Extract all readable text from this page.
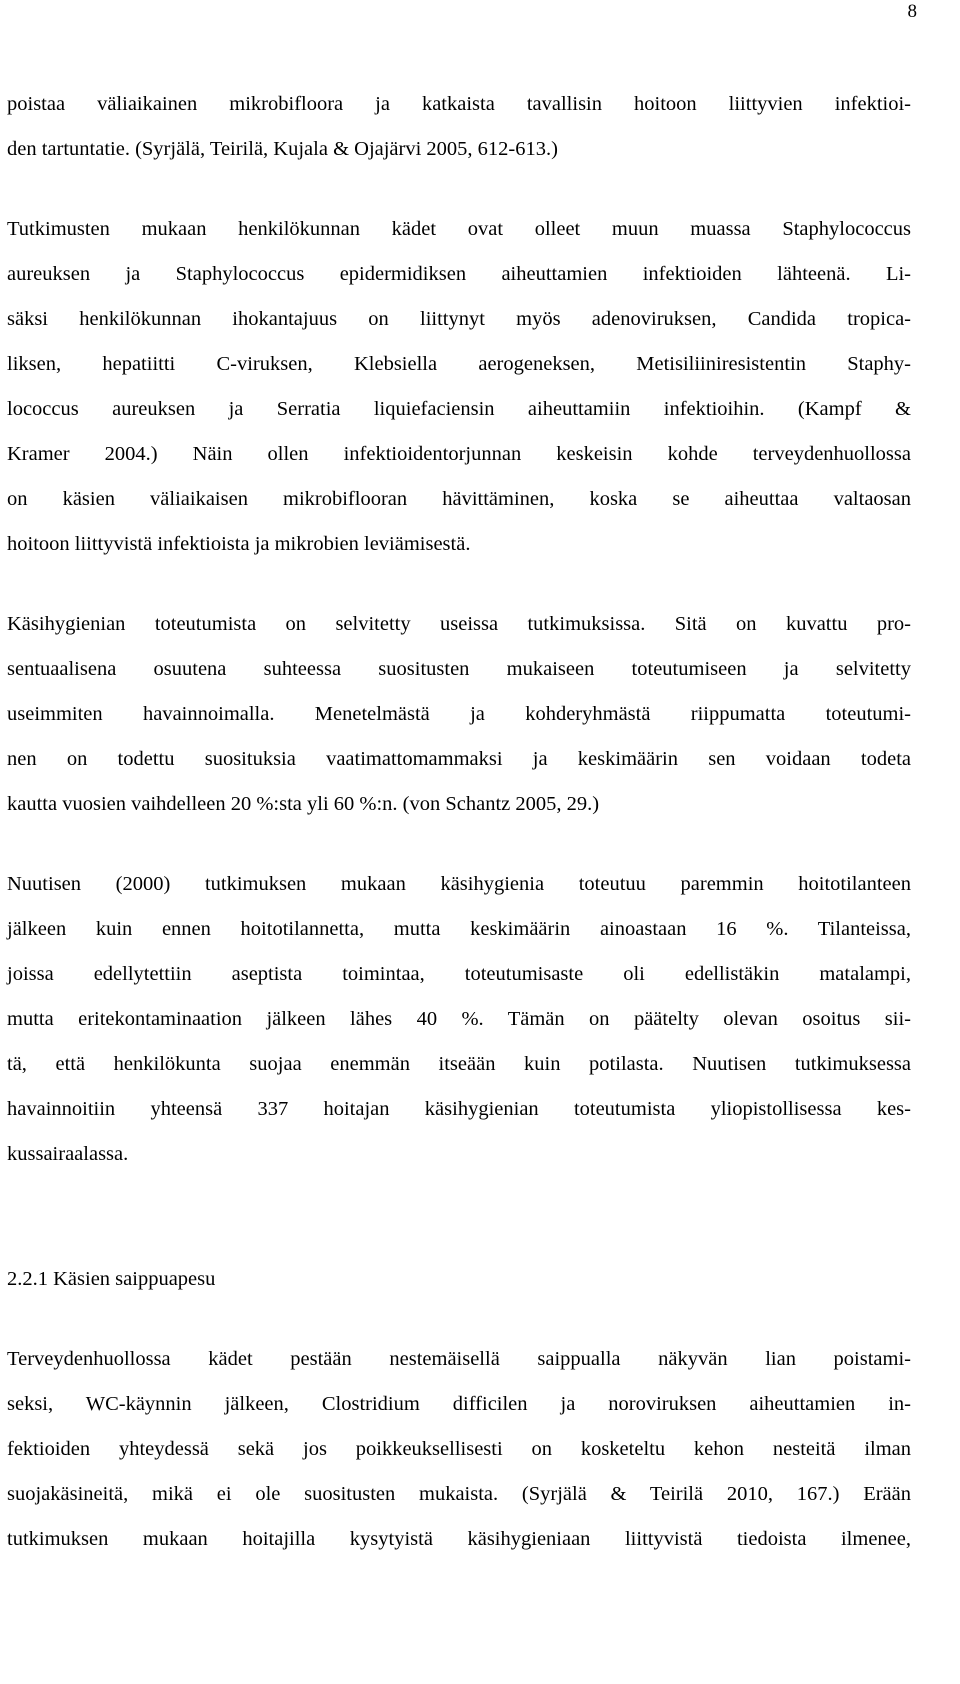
8

poistaa väliaikainen mikrobifloora ja katkaista tavallisin hoitoon liittyvien infektioi-
den tartuntatie. (Syrjälä, Teirilä, Kujala & Ojajärvi 2005, 612-613.)

Tutkimusten mukaan henkilökunnan kädet ovat olleet muun muassa Staphylococcus
aureuksen ja Staphylococcus epidermidiksen aiheuttamien infektioiden lähteenä. Li-
säksi henkilökunnan ihokantajuus on liittynyt myös adenoviruksen, Candida tropica-
liksen, hepatiitti C-viruksen, Klebsiella aerogeneksen, Metisiliiniresistentin Staphy-
lococcus aureuksen ja Serratia liquiefaciensin aiheuttamiin infektioihin. (Kampf &
Kramer 2004.) Näin ollen infektioidentorjunnan keskeisin kohde terveydenhuollossa
on käsien väliaikaisen mikrobiflooran hävittäminen, koska se aiheuttaa valtaosan
hoitoon liittyvistä infektioista ja mikrobien leviämisestä.

Käsihygienian toteutumista on selvitetty useissa tutkimuksissa. Sitä on kuvattu pro-
sentuaalisena osuutena suhteessa suositusten mukaiseen toteutumiseen ja selvitetty
useimmiten havainnoimalla. Menetelmästä ja kohderyhmästä riippumatta toteutumi-
nen on todettu suosituksia vaatimattomammaksi ja keskimäärin sen voidaan todeta
kautta vuosien vaihdelleen 20 %:sta yli 60 %:n. (von Schantz 2005, 29.)

Nuutisen (2000) tutkimuksen mukaan käsihygienia toteutuu paremmin hoitotilanteen
jälkeen kuin ennen hoitotilannetta, mutta keskimäärin ainoastaan 16 %. Tilanteissa,
joissa edellytettiin aseptista toimintaa, toteutumisaste oli edellistäkin matalampi,
mutta eritekontaminaation jälkeen lähes 40 %. Tämän on päätelty olevan osoitus sii-
tä, että henkilökunta suojaa enemmän itseään kuin potilasta. Nuutisen tutkimuksessa
havainnoitiin yhteensä 337 hoitajan käsihygienian toteutumista yliopistollisessa kes-
kussairaalassa.

2.2.1 Käsien saippuapesu

Terveydenhuollossa kädet pestään nestemäisellä saippualla näkyvän lian poistami-
seksi, WC-käynnin jälkeen, Clostridium difficilen ja noroviruksen aiheuttamien in-
fektioiden yhteydessä sekä jos poikkeuksellisesti on kosketeltu kehon nesteitä ilman
suojakäsineitä, mikä ei ole suositusten mukaista. (Syrjälä & Teirilä 2010, 167.) Erään
tutkimuksen mukaan hoitajilla kysytyistä käsihygieniaan liittyvistä tiedoista ilmenee,
